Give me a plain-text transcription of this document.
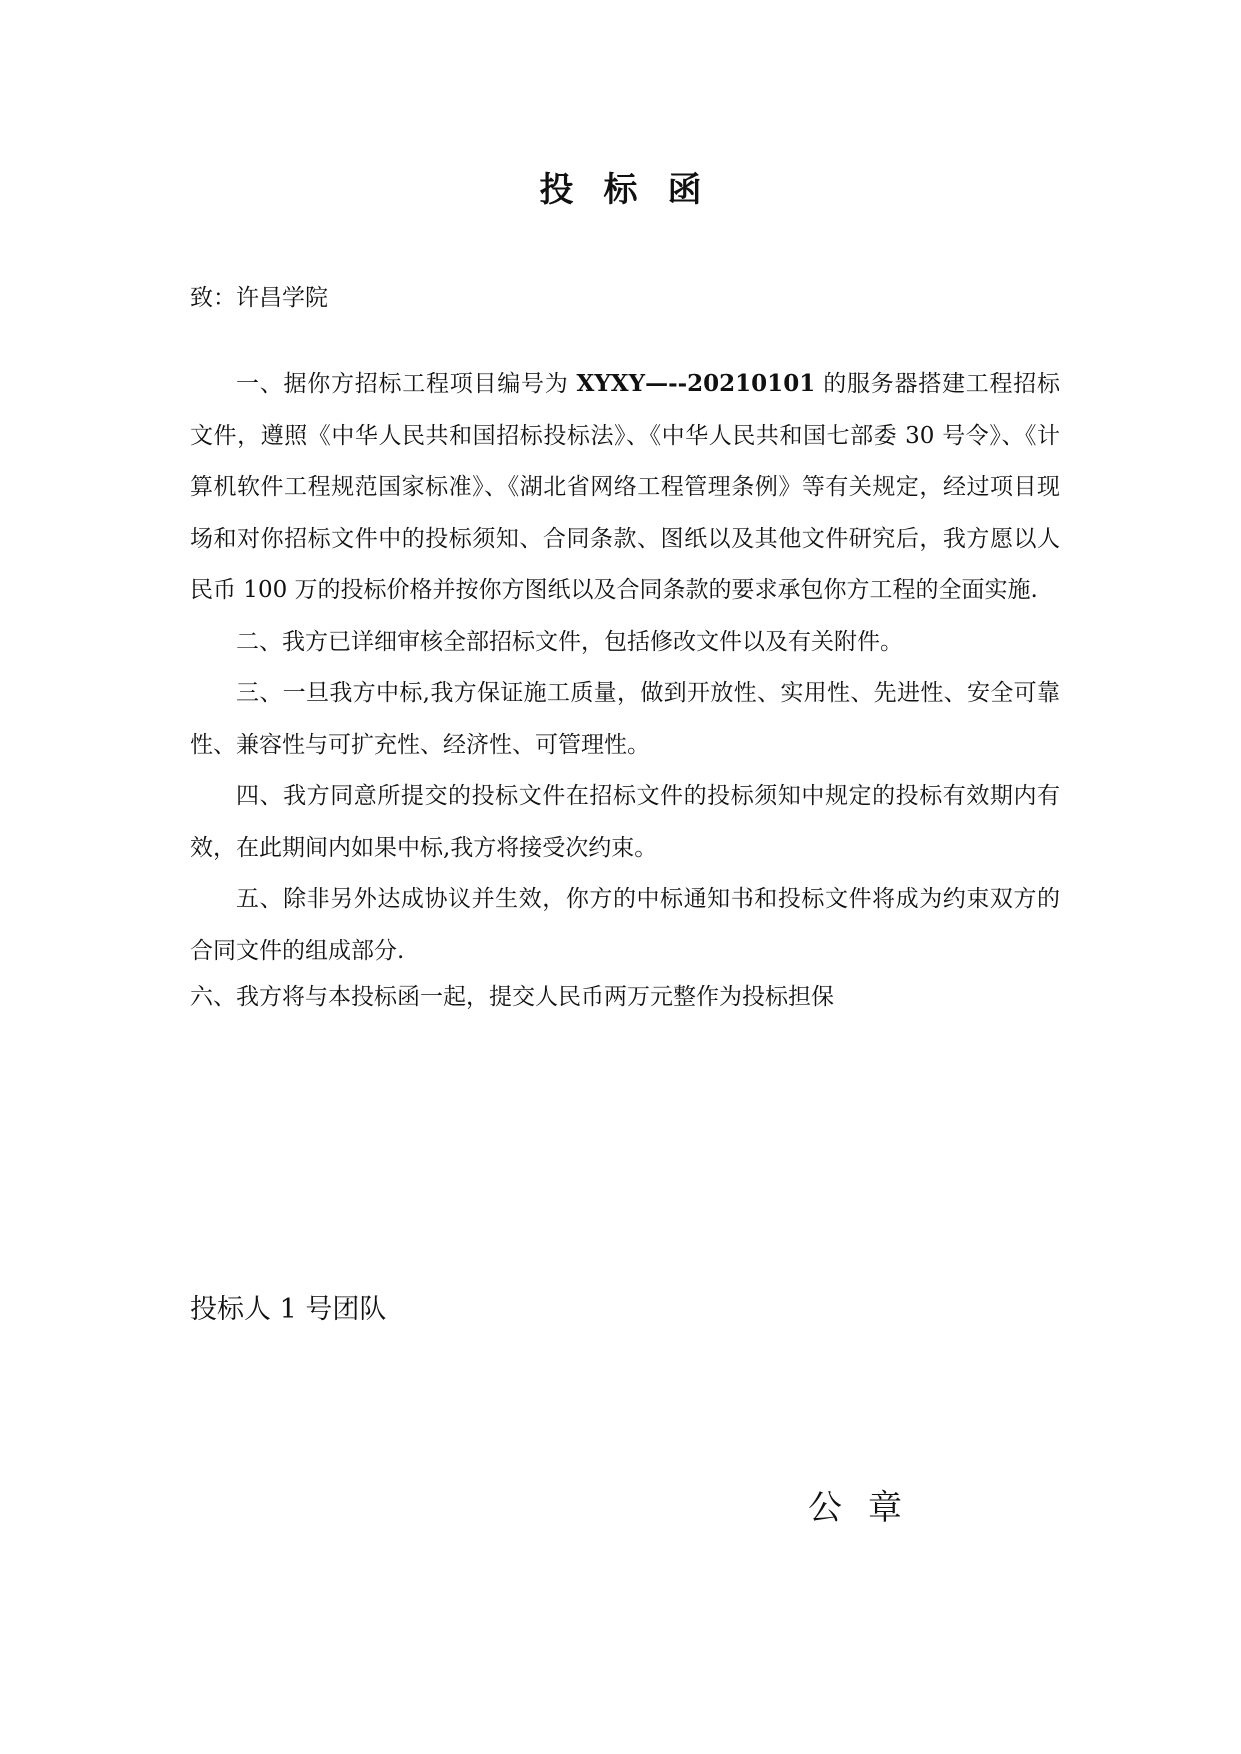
投标函
致：许昌学院

一、据你方招标工程项目编号为 XYXY—--20210101 的服务器搭建工程招标文件，遵照《中华人民共和国招标投标法》、《中华人民共和国七部委 30 号令》、《计算机软件工程规范国家标准》、《湖北省网络工程管理条例》等有关规定，经过项目现场和对你招标文件中的投标须知、合同条款、图纸以及其他文件研究后，我方愿以人民币 100 万的投标价格并按你方图纸以及合同条款的要求承包你方工程的全面实施.

二、我方已详细审核全部招标文件，包括修改文件以及有关附件。

三、一旦我方中标,我方保证施工质量，做到开放性、实用性、先进性、安全可靠性、兼容性与可扩充性、经济性、可管理性。

四、我方同意所提交的投标文件在招标文件的投标须知中规定的投标有效期内有效，在此期间内如果中标,我方将接受次约束。

五、除非另外达成协议并生效，你方的中标通知书和投标文件将成为约束双方的合同文件的组成部分.

六、我方将与本投标函一起，提交人民币两万元整作为投标担保

投标人 1 号团队
公章
